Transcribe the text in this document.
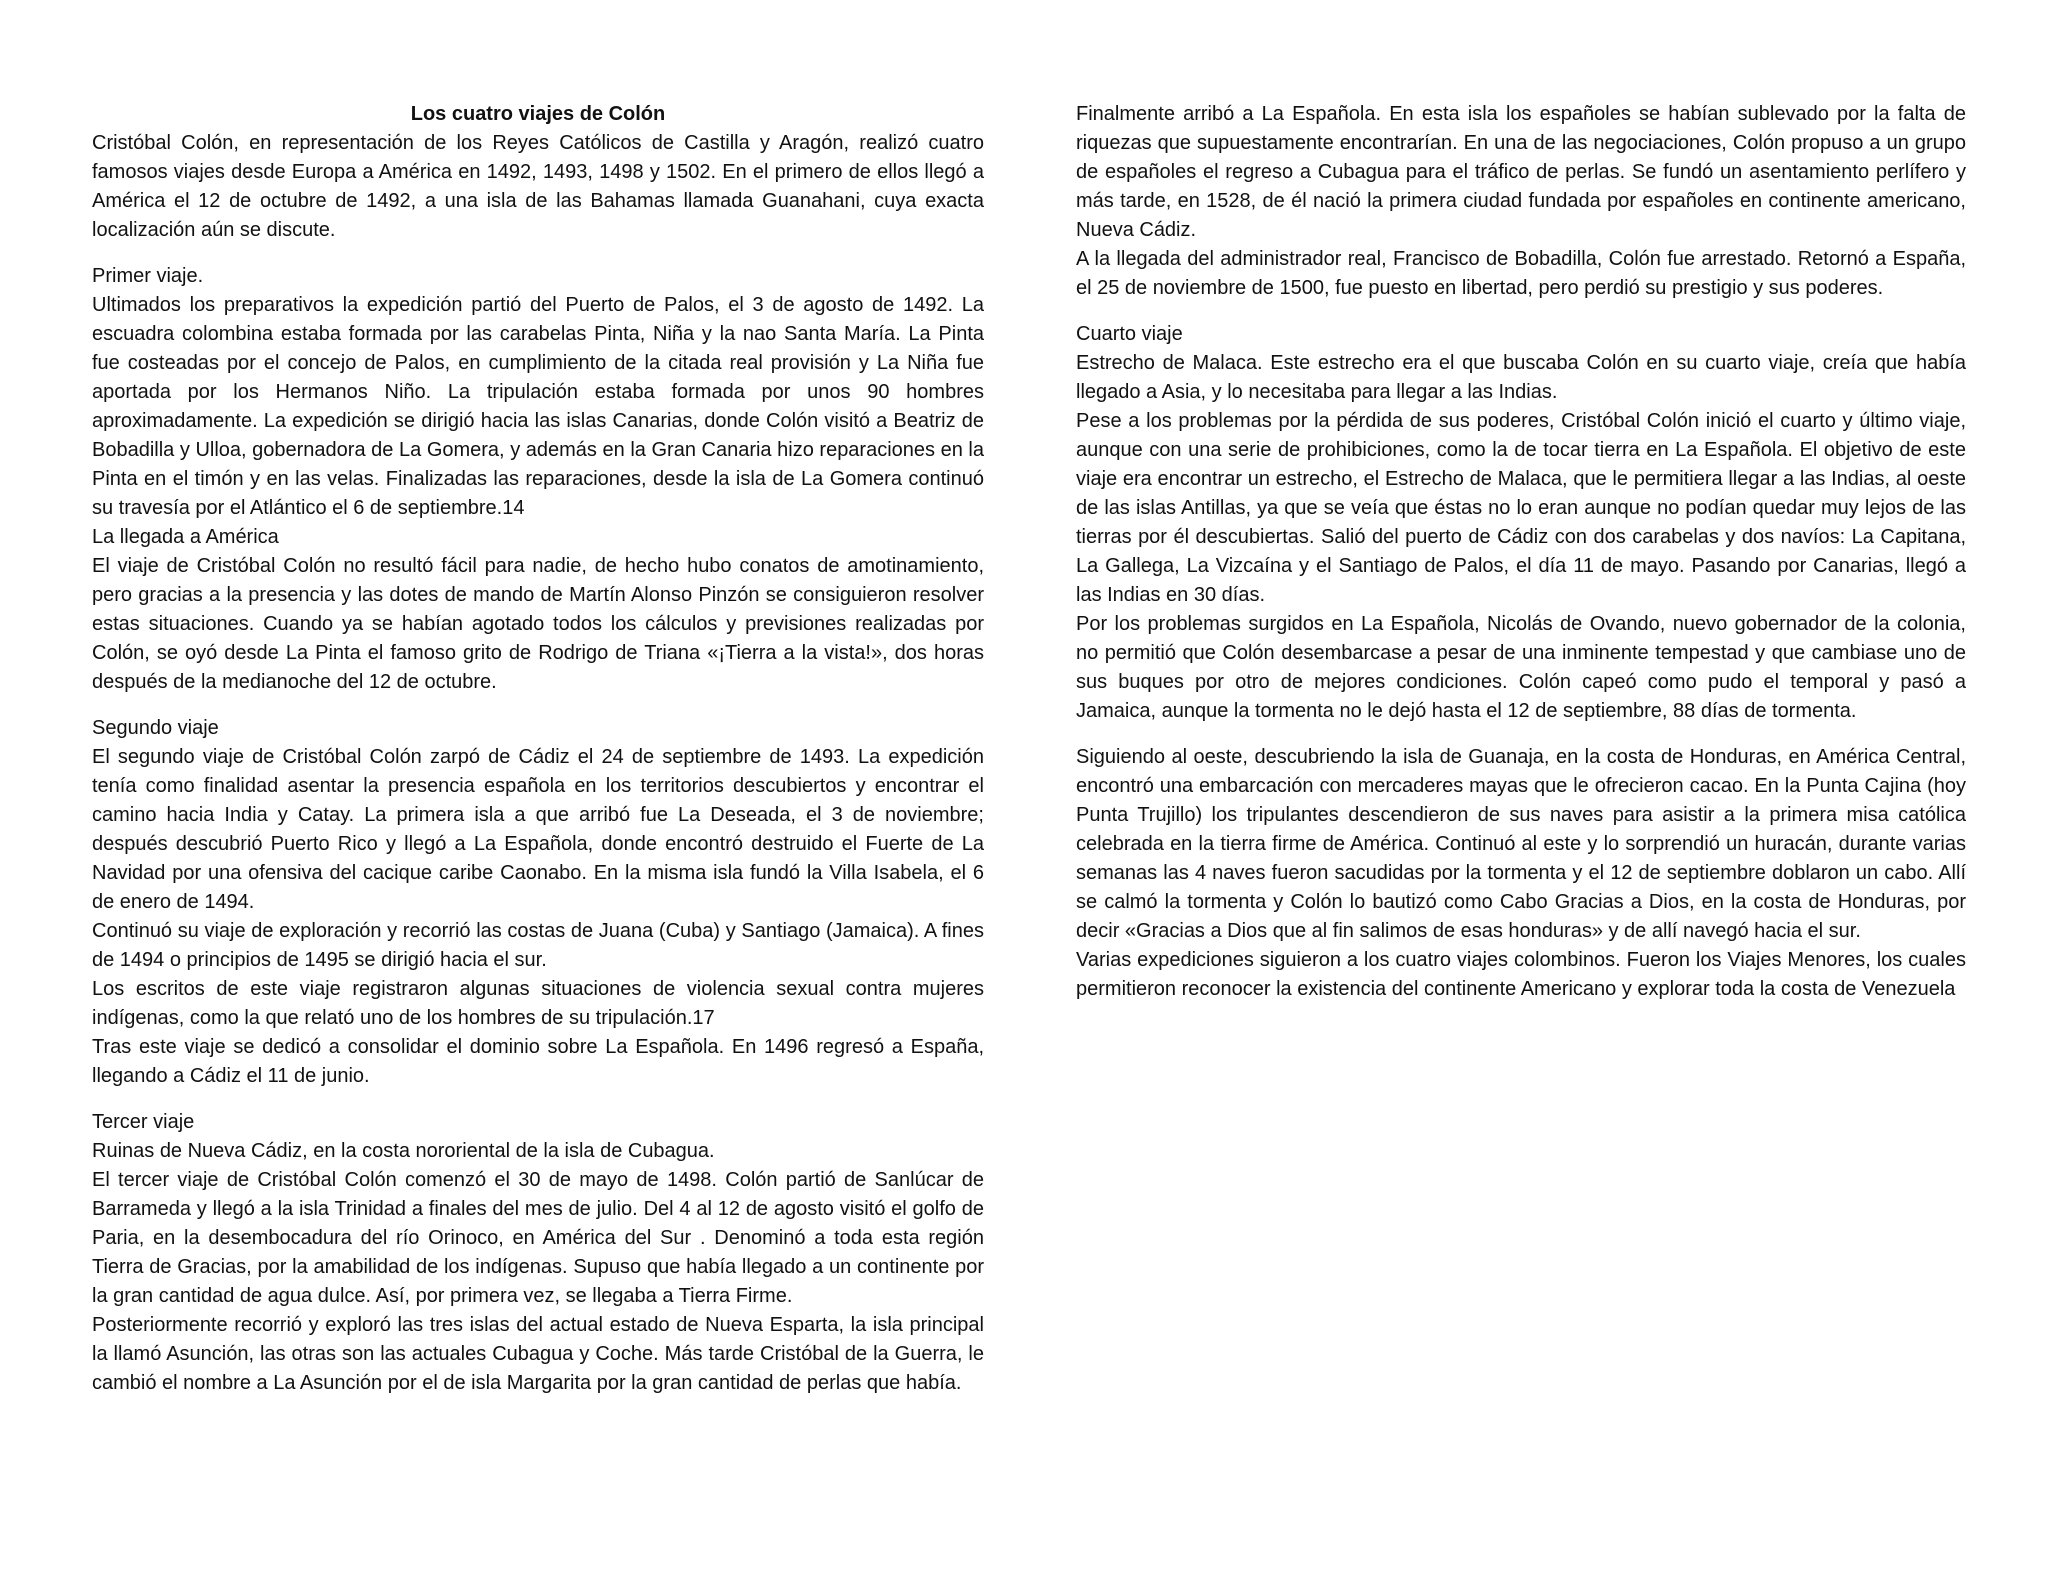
Los cuatro viajes de Colón

Cristóbal Colón, en representación de los Reyes Católicos de Castilla y Aragón, realizó cuatro famosos viajes desde Europa a América en 1492, 1493, 1498 y 1502. En el primero de ellos llegó a América el 12 de octubre de 1492, a una isla de las Bahamas llamada Guanahani, cuya exacta localización aún se discute.

Primer viaje.

Ultimados los preparativos la expedición partió del Puerto de Palos, el 3 de agosto de 1492. La escuadra colombina estaba formada por las carabelas Pinta, Niña y la nao Santa María. La Pinta fue costeadas por el concejo de Palos, en cumplimiento de la citada real provisión y La Niña fue aportada por los Hermanos Niño. La tripulación estaba formada por unos 90 hombres aproximadamente. La expedición se dirigió hacia las islas Canarias, donde Colón visitó a Beatriz de Bobadilla y Ulloa, gobernadora de La Gomera, y además en la Gran Canaria hizo reparaciones en la Pinta en el timón y en las velas. Finalizadas las reparaciones, desde la isla de La Gomera continuó su travesía por el Atlántico el 6 de septiembre.14

La llegada a América

El viaje de Cristóbal Colón no resultó fácil para nadie, de hecho hubo conatos de amotinamiento, pero gracias a la presencia y las dotes de mando de Martín Alonso Pinzón se consiguieron resolver estas situaciones. Cuando ya se habían agotado todos los cálculos y previsiones realizadas por Colón, se oyó desde La Pinta el famoso grito de Rodrigo de Triana «¡Tierra a la vista!», dos horas después de la medianoche del 12 de octubre.

Segundo viaje

El segundo viaje de Cristóbal Colón zarpó de Cádiz el 24 de septiembre de 1493. La expedición tenía como finalidad asentar la presencia española en los territorios descubiertos y encontrar el camino hacia India y Catay. La primera isla a que arribó fue La Deseada, el 3 de noviembre; después descubrió Puerto Rico y llegó a La Española, donde encontró destruido el Fuerte de La Navidad por una ofensiva del cacique caribe Caonabo. En la misma isla fundó la Villa Isabela, el 6 de enero de 1494.

Continuó su viaje de exploración y recorrió las costas de Juana (Cuba) y Santiago (Jamaica). A fines de 1494 o principios de 1495 se dirigió hacia el sur.

Los escritos de este viaje registraron algunas situaciones de violencia sexual contra mujeres indígenas, como la que relató uno de los hombres de su tripulación.17

Tras este viaje se dedicó a consolidar el dominio sobre La Española. En 1496 regresó a España, llegando a Cádiz el 11 de junio.

Tercer viaje

Ruinas de Nueva Cádiz, en la costa nororiental de la isla de Cubagua.

El tercer viaje de Cristóbal Colón comenzó el 30 de mayo de 1498. Colón partió de Sanlúcar de Barrameda y llegó a la isla Trinidad a finales del mes de julio. Del 4 al 12 de agosto visitó el golfo de Paria, en la desembocadura del río Orinoco, en América del Sur . Denominó a toda esta región Tierra de Gracias, por la amabilidad de los indígenas. Supuso que había llegado a un continente por la gran cantidad de agua dulce. Así, por primera vez, se llegaba a Tierra Firme.

Posteriormente recorrió y exploró las tres islas del actual estado de Nueva Esparta, la isla principal la llamó Asunción, las otras son las actuales Cubagua y Coche. Más tarde Cristóbal de la Guerra, le cambió el nombre a La Asunción por el de isla Margarita por la gran cantidad de perlas que había.

Finalmente arribó a La Española. En esta isla los españoles se habían sublevado por la falta de riquezas que supuestamente encontrarían. En una de las negociaciones, Colón propuso a un grupo de españoles el regreso a Cubagua para el tráfico de perlas. Se fundó un asentamiento perlífero y más tarde, en 1528, de él nació la primera ciudad fundada por españoles en continente americano, Nueva Cádiz.

A la llegada del administrador real, Francisco de Bobadilla, Colón fue arrestado. Retornó a España, el 25 de noviembre de 1500, fue puesto en libertad, pero perdió su prestigio y sus poderes.

Cuarto viaje

Estrecho de Malaca. Este estrecho era el que buscaba Colón en su cuarto viaje, creía que había llegado a Asia, y lo necesitaba para llegar a las Indias.

Pese a los problemas por la pérdida de sus poderes, Cristóbal Colón inició el cuarto y último viaje, aunque con una serie de prohibiciones, como la de tocar tierra en La Española. El objetivo de este viaje era encontrar un estrecho, el Estrecho de Malaca, que le permitiera llegar a las Indias, al oeste de las islas Antillas, ya que se veía que éstas no lo eran aunque no podían quedar muy lejos de las tierras por él descubiertas. Salió del puerto de Cádiz con dos carabelas y dos navíos: La Capitana, La Gallega, La Vizcaína y el Santiago de Palos, el día 11 de mayo. Pasando por Canarias, llegó a las Indias en 30 días.

Por los problemas surgidos en La Española, Nicolás de Ovando, nuevo gobernador de la colonia, no permitió que Colón desembarcase a pesar de una inminente tempestad y que cambiase uno de sus buques por otro de mejores condiciones. Colón capeó como pudo el temporal y pasó a Jamaica, aunque la tormenta no le dejó hasta el 12 de septiembre, 88 días de tormenta.

Siguiendo al oeste, descubriendo la isla de Guanaja, en la costa de Honduras, en América Central, encontró una embarcación con mercaderes mayas que le ofrecieron cacao. En la Punta Cajina (hoy Punta Trujillo) los tripulantes descendieron de sus naves para asistir a la primera misa católica celebrada en la tierra firme de América. Continuó al este y lo sorprendió un huracán, durante varias semanas las 4 naves fueron sacudidas por la tormenta y el 12 de septiembre doblaron un cabo. Allí se calmó la tormenta y Colón lo bautizó como Cabo Gracias a Dios, en la costa de Honduras, por decir «Gracias a Dios que al fin salimos de esas honduras» y de allí navegó hacia el sur.

Varias expediciones siguieron a los cuatro viajes colombinos. Fueron los Viajes Menores, los cuales permitieron reconocer la existencia del continente Americano y explorar toda la costa de Venezuela
